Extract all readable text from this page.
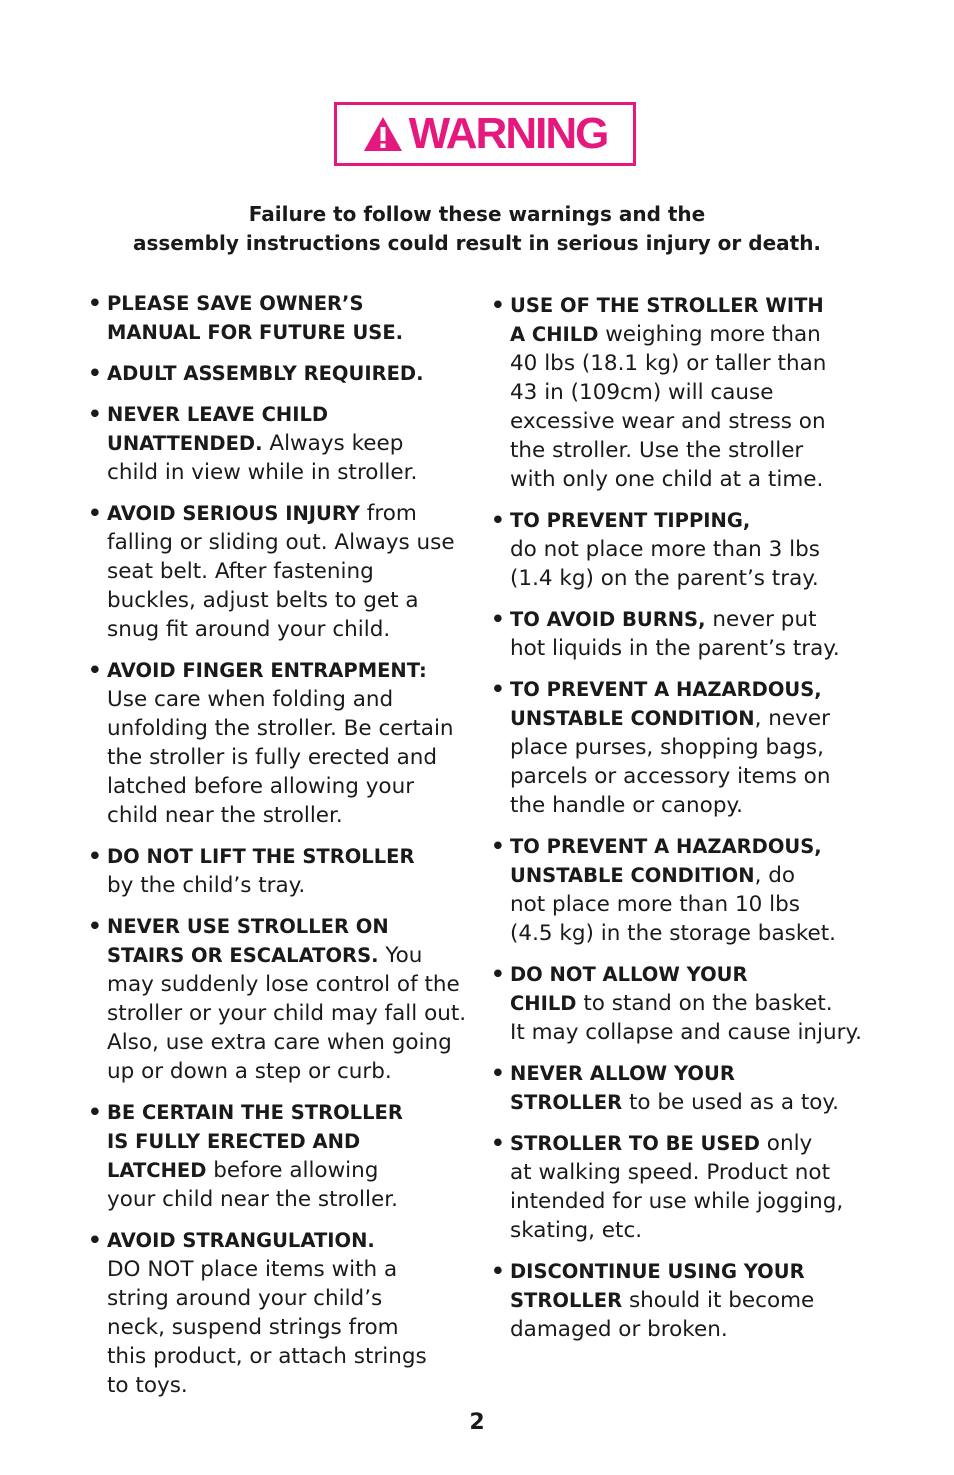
WARNING
Failure to follow these warnings and the
assembly instructions could result in serious injury or death.
• PLEASE SAVE OWNER’S
MANUAL FOR FUTURE USE.
• ADULT ASSEMBLY REQUIRED.
• NEVER LEAVE CHILD
UNATTENDED. Always keep
child in view while in stroller.
• AVOID SERIOUS INJURY from
falling or sliding out. Always use
seat belt. After fastening
buckles, adjust belts to get a
snug fit around your child.
• AVOID FINGER ENTRAPMENT:
Use care when folding and
unfolding the stroller. Be certain
the stroller is fully erected and
latched before allowing your
child near the stroller.
• DO NOT LIFT THE STROLLER
by the child’s tray.
• NEVER USE STROLLER ON
STAIRS OR ESCALATORS. You
may suddenly lose control of the
stroller or your child may fall out.
Also, use extra care when going
up or down a step or curb.
• BE CERTAIN THE STROLLER
IS FULLY ERECTED AND
LATCHED before allowing
your child near the stroller.
• AVOID STRANGULATION.
DO NOT place items with a
string around your child’s
neck, suspend strings from
this product, or attach strings
to toys.
• USE OF THE STROLLER WITH
A CHILD weighing more than
40 lbs (18.1 kg) or taller than
43 in (109cm) will cause
excessive wear and stress on
the stroller. Use the stroller
with only one child at a time.
• TO PREVENT TIPPING,
do not place more than 3 lbs
(1.4 kg) on the parent’s tray.
• TO AVOID BURNS, never put
hot liquids in the parent’s tray.
• TO PREVENT A HAZARDOUS,
UNSTABLE CONDITION, never
place purses, shopping bags,
parcels or accessory items on
the handle or canopy.
• TO PREVENT A HAZARDOUS,
UNSTABLE CONDITION, do
not place more than 10 lbs
(4.5 kg) in the storage basket.
• DO NOT ALLOW YOUR
CHILD to stand on the basket.
It may collapse and cause injury.
• NEVER ALLOW YOUR
STROLLER to be used as a toy.
• STROLLER TO BE USED only
at walking speed. Product not
intended for use while jogging,
skating, etc.
• DISCONTINUE USING YOUR
STROLLER should it become
damaged or broken.
2
